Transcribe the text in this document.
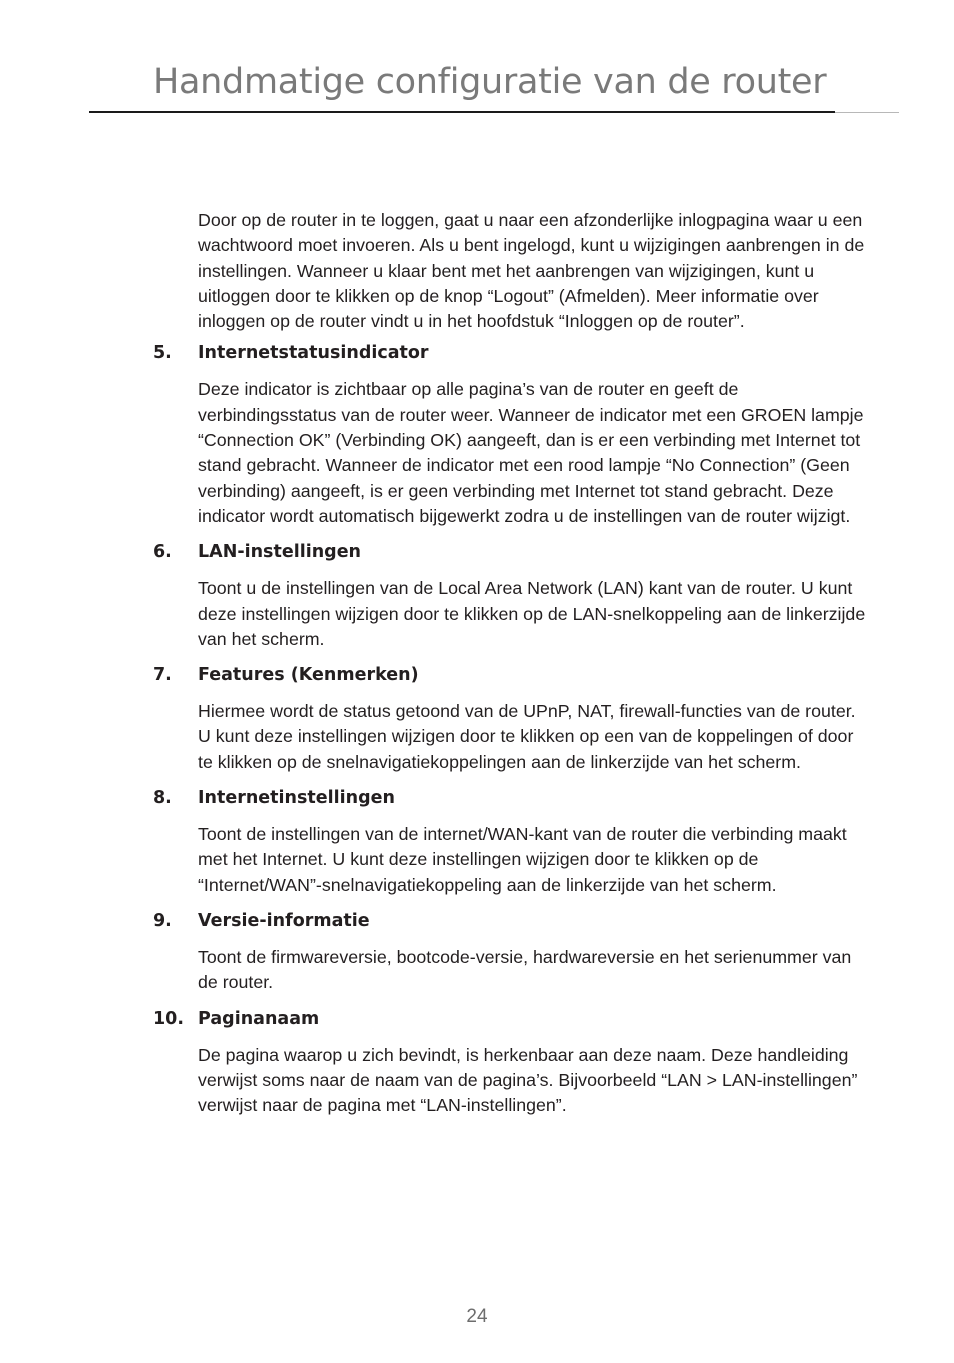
Handmatige configuratie van de router

Door op de router in te loggen, gaat u naar een afzonderlijke inlogpagina waar u een wachtwoord moet invoeren. Als u bent ingelogd, kunt u wijzigingen aanbrengen in de instellingen. Wanneer u klaar bent met het aanbrengen van wijzigingen, kunt u uitloggen door te klikken op de knop “Logout” (Afmelden). Meer informatie over inloggen op de router vindt u in het hoofdstuk “Inloggen op de router”.

5.	Internetstatusindicator

Deze indicator is zichtbaar op alle pagina’s van de router en geeft de verbindingsstatus van de router weer. Wanneer de indicator met een GROEN lampje “Connection OK” (Verbinding OK) aangeeft, dan is er een verbinding met Internet tot stand gebracht. Wanneer de indicator met een rood lampje “No Connection” (Geen verbinding) aangeeft, is er geen verbinding met Internet tot stand gebracht. Deze indicator wordt automatisch bijgewerkt zodra u de instellingen van de router wijzigt.

6.	LAN-instellingen

Toont u de instellingen van de Local Area Network (LAN) kant van de router. U kunt deze instellingen wijzigen door te klikken op de LAN-snelkoppeling aan de linkerzijde van het scherm.

7.	Features (Kenmerken)

Hiermee wordt de status getoond van de UPnP, NAT, firewall-functies van de router. U kunt deze instellingen wijzigen door te klikken op een van de koppelingen of door te klikken op de snelnavigatiekoppelingen aan de linkerzijde van het scherm.

8.	Internetinstellingen

Toont de instellingen van de internet/WAN-kant van de router die verbinding maakt met het Internet. U kunt deze instellingen wijzigen door te klikken op de “Internet/WAN”-snelnavigatiekoppeling aan de linkerzijde van het scherm.

9.	Versie-informatie

Toont de firmwareversie, bootcode-versie, hardwareversie en het serienummer van de router.

10. Paginanaam

De pagina waarop u zich bevindt, is herkenbaar aan deze naam. Deze handleiding verwijst soms naar de naam van de pagina’s. Bijvoorbeeld “LAN > LAN-instellingen” verwijst naar de pagina met “LAN-instellingen”.

24
